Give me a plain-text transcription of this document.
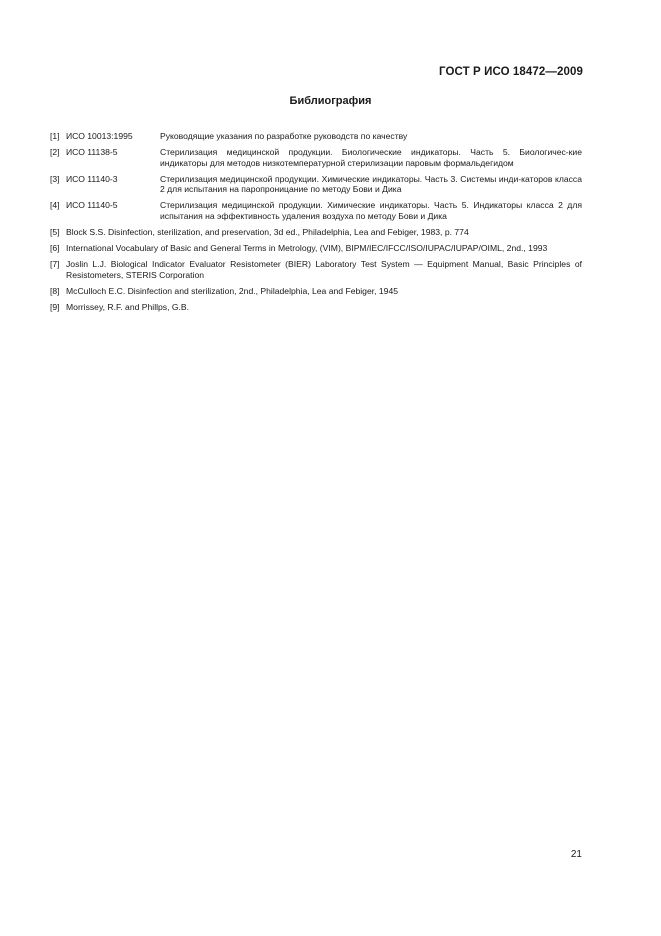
ГОСТ Р ИСО 18472—2009
Библиография
[1] ИСО 10013:1995	Руководящие указания по разработке руководств по качеству
[2] ИСО 11138-5	Стерилизация медицинской продукции. Биологические индикаторы. Часть 5. Биологичес-кие индикаторы для методов низкотемпературной стерилизации паровым формальдегидом
[3] ИСО 11140-3	Стерилизация медицинской продукции. Химические индикаторы. Часть 3. Системы инди-каторов класса 2 для испытания на паропроницание по методу Бови и Дика
[4] ИСО 11140-5	Стерилизация медицинской продукции. Химические индикаторы. Часть 5. Индикаторы класса 2 для испытания на эффективность удаления воздуха по методу Бови и Дика
[5] Block S.S. Disinfection, sterilization, and preservation, 3d ed., Philadelphia, Lea and Febiger, 1983, p. 774
[6] International Vocabulary of Basic and General Terms in Metrology, (VIM), BIPM/IEC/IFCC/ISO/IUPAC/IUPAP/OIML, 2nd., 1993
[7] Joslin L.J. Biological Indicator Evaluator Resistometer (BIER) Laboratory Test System — Equipment Manual, Basic Principles of Resistometers, STERIS Corporation
[8] McCulloch E.C. Disinfection and sterilization, 2nd., Philadelphia, Lea and Febiger, 1945
[9] Morrissey, R.F. and Phillps, G.B.
21
